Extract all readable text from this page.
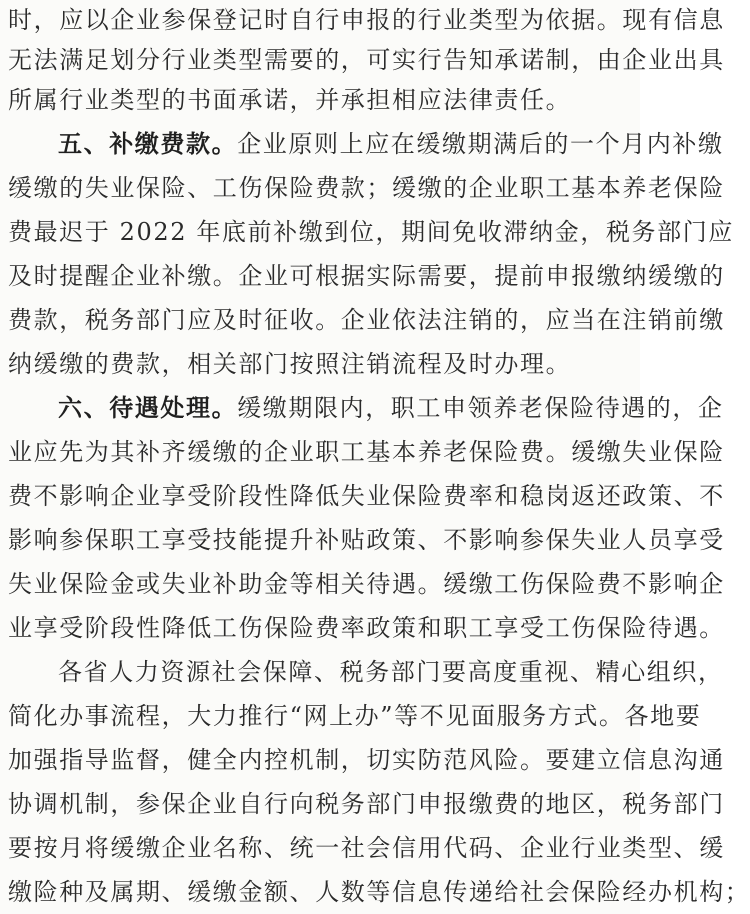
时，应以企业参保登记时自行申报的行业类型为依据。现有信息
无法满足划分行业类型需要的，可实行告知承诺制，由企业出具
所属行业类型的书面承诺，并承担相应法律责任。
五、补缴费款。企业原则上应在缓缴期满后的一个月内补缴
缓缴的失业保险、工伤保险费款；缓缴的企业职工基本养老保险
费最迟于 2022 年底前补缴到位，期间免收滞纳金，税务部门应
及时提醒企业补缴。企业可根据实际需要，提前申报缴纳缓缴的
费款，税务部门应及时征收。企业依法注销的，应当在注销前缴
纳缓缴的费款，相关部门按照注销流程及时办理。
六、待遇处理。缓缴期限内，职工申领养老保险待遇的，企
业应先为其补齐缓缴的企业职工基本养老保险费。缓缴失业保险
费不影响企业享受阶段性降低失业保险费率和稳岗返还政策、不
影响参保职工享受技能提升补贴政策、不影响参保失业人员享受
失业保险金或失业补助金等相关待遇。缓缴工伤保险费不影响企
业享受阶段性降低工伤保险费率政策和职工享受工伤保险待遇。
各省人力资源社会保障、税务部门要高度重视、精心组织，
简化办事流程，大力推行“网上办”等不见面服务方式。各地要
加强指导监督，健全内控机制，切实防范风险。要建立信息沟通
协调机制，参保企业自行向税务部门申报缴费的地区，税务部门
要按月将缓缴企业名称、统一社会信用代码、企业行业类型、缓
缴险种及属期、缓缴金额、人数等信息传递给社会保险经办机构；
